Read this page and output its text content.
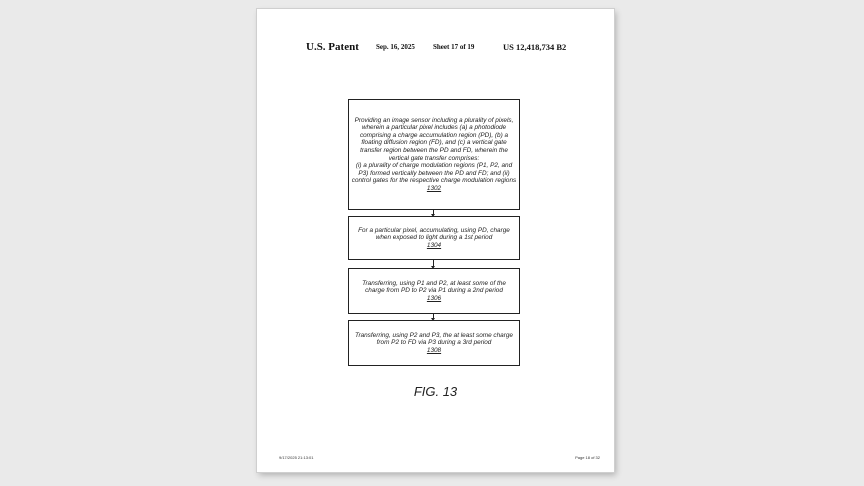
U.S. Patent Sep. 16, 2025	Sheet 17 of 19	US 12,418,734 B2
Providing an image sensor including a plurality of pixels,
wherein a particular pixel includes (a) a photodiode
comprising a charge accumulation region (PD), (b) a
floating diffusion region (FD), and (c) a vertical gate
transfer region between the PD and FD, wherein the
vertical gate transfer comprises:
(i) a plurality of charge modulation regions (P1, P2, and
P3) formed vertically between the PD and FD; and (ii)
control gates for the respective charge modulation regions
1302
For a particular pixel, accumulating, using PD, charge
when exposed to light during a 1st period
1304
Transferring, using P1 and P2, at least some of the
charge from PD to P2 via P1 during a 2nd period
1306
Transferring, using P2 and P3, the at least some charge
from P2 to FD via P3 during a 3rd period
1308
FIG. 13
9/17/2025 21:13:01	Page 18 of 32
